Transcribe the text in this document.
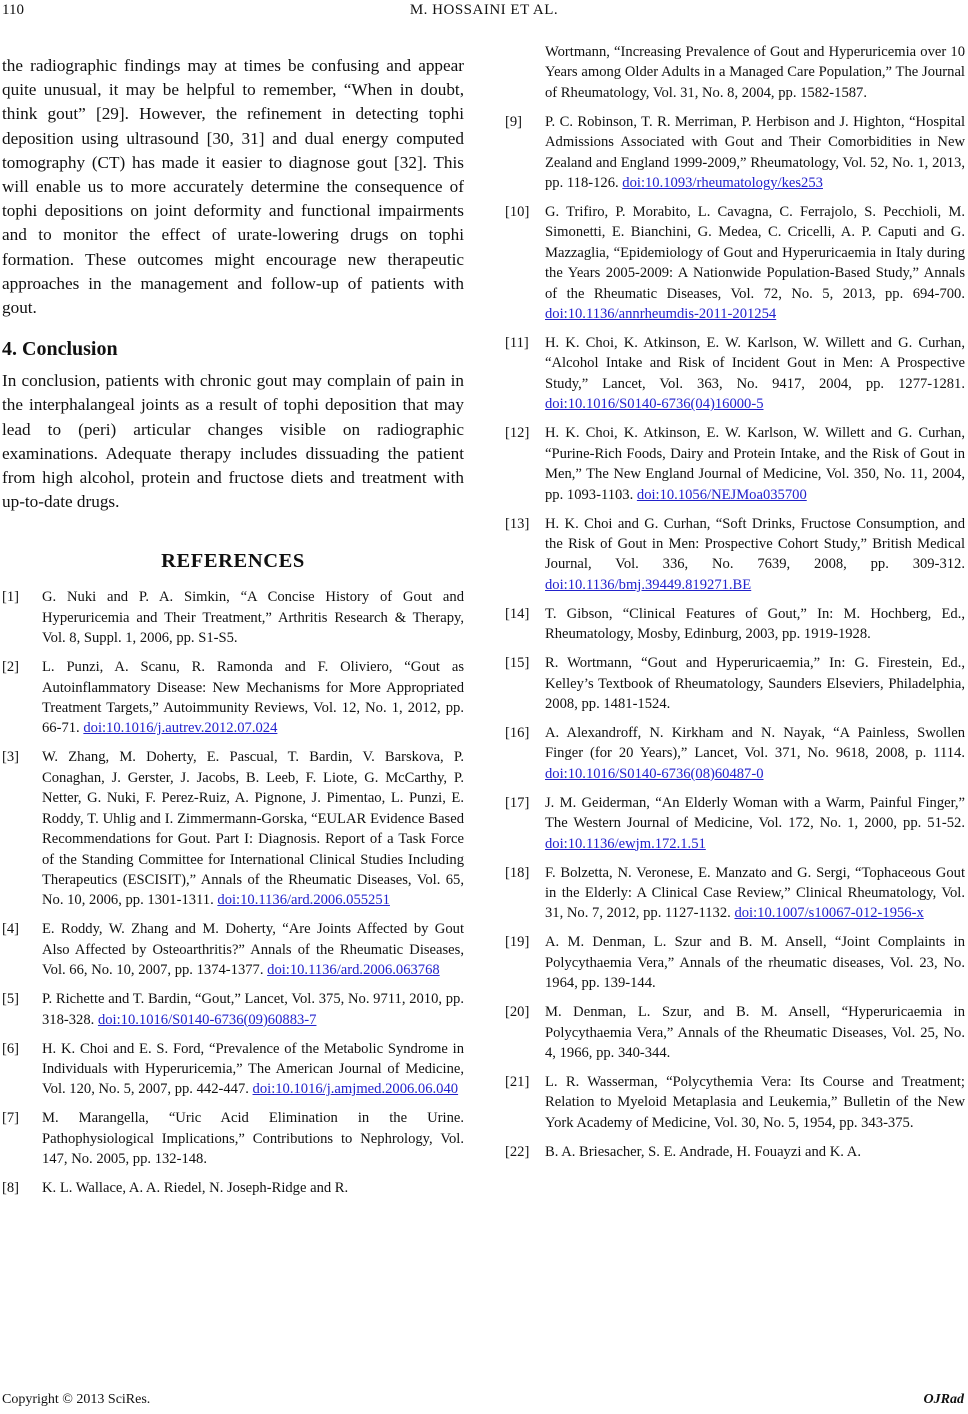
110	M. HOSSAINI ET AL.

the radiographic findings may at times be confusing and appear quite unusual, it may be helpful to remember, “When in doubt, think gout” [29]. However, the refinement in detecting tophi deposition using ultrasound [30, 31] and dual energy computed tomography (CT) has made it easier to diagnose gout [32]. This will enable us to more accurately determine the consequence of tophi depositions on joint deformity and functional impairments and to monitor the effect of urate-lowering drugs on tophi formation. These outcomes might encourage new therapeutic approaches in the management and follow-up of patients with gout.

4. Conclusion

In conclusion, patients with chronic gout may complain of pain in the interphalangeal joints as a result of tophi deposition that may lead to (peri) articular changes visible on radiographic examinations. Adequate therapy includes dissuading the patient from high alcohol, protein and fructose diets and treatment with up-to-date drugs.

REFERENCES
[1]	G. Nuki and P. A. Simkin, “A Concise History of Gout and Hyperuricemia and Their Treatment,” Arthritis Research & Therapy, Vol. 8, Suppl. 1, 2006, pp. S1-S5.
[2]	L. Punzi, A. Scanu, R. Ramonda and F. Oliviero, “Gout as Autoinflammatory Disease: New Mechanisms for More Appropriated Treatment Targets,” Autoimmunity Reviews, Vol. 12, No. 1, 2012, pp. 66-71. doi:10.1016/j.autrev.2012.07.024
[3]	W. Zhang, M. Doherty, E. Pascual, T. Bardin, V. Barskova, P. Conaghan, J. Gerster, J. Jacobs, B. Leeb, F. Liote, G. McCarthy, P. Netter, G. Nuki, F. Perez-Ruiz, A. Pignone, J. Pimentao, L. Punzi, E. Roddy, T. Uhlig and I. Zimmermann-Gorska, “EULAR Evidence Based Recommendations for Gout. Part I: Diagnosis. Report of a Task Force of the Standing Committee for International Clinical Studies Including Therapeutics (ESCISIT),” Annals of the Rheumatic Diseases, Vol. 65, No. 10, 2006, pp. 1301-1311. doi:10.1136/ard.2006.055251
[4]	E. Roddy, W. Zhang and M. Doherty, “Are Joints Affected by Gout Also Affected by Osteoarthritis?” Annals of the Rheumatic Diseases, Vol. 66, No. 10, 2007, pp. 1374-1377. doi:10.1136/ard.2006.063768
[5]	P. Richette and T. Bardin, “Gout,” Lancet, Vol. 375, No. 9711, 2010, pp. 318-328. doi:10.1016/S0140-6736(09)60883-7
[6]	H. K. Choi and E. S. Ford, “Prevalence of the Metabolic Syndrome in Individuals with Hyperuricemia,” The American Journal of Medicine, Vol. 120, No. 5, 2007, pp. 442-447. doi:10.1016/j.amjmed.2006.06.040
[7]	M. Marangella, “Uric Acid Elimination in the Urine. Pathophysiological Implications,” Contributions to Nephrology, Vol. 147, No. 2005, pp. 132-148.
[8]	K. L. Wallace, A. A. Riedel, N. Joseph-Ridge and R.
Wortmann, “Increasing Prevalence of Gout and Hyperuricemia over 10 Years among Older Adults in a Managed Care Population,” The Journal of Rheumatology, Vol. 31, No. 8, 2004, pp. 1582-1587.
[9]	P. C. Robinson, T. R. Merriman, P. Herbison and J. Highton, “Hospital Admissions Associated with Gout and Their Comorbidities in New Zealand and England 1999-2009,” Rheumatology, Vol. 52, No. 1, 2013, pp. 118-126. doi:10.1093/rheumatology/kes253
[10]	G. Trifiro, P. Morabito, L. Cavagna, C. Ferrajolo, S. Pecchioli, M. Simonetti, E. Bianchini, G. Medea, C. Cricelli, A. P. Caputi and G. Mazzaglia, “Epidemiology of Gout and Hyperuricaemia in Italy during the Years 2005-2009: A Nationwide Population-Based Study,” Annals of the Rheumatic Diseases, Vol. 72, No. 5, 2013, pp. 694-700. doi:10.1136/annrheumdis-2011-201254
[11]	H. K. Choi, K. Atkinson, E. W. Karlson, W. Willett and G. Curhan, “Alcohol Intake and Risk of Incident Gout in Men: A Prospective Study,” Lancet, Vol. 363, No. 9417, 2004, pp. 1277-1281. doi:10.1016/S0140-6736(04)16000-5
[12]	H. K. Choi, K. Atkinson, E. W. Karlson, W. Willett and G. Curhan, “Purine-Rich Foods, Dairy and Protein Intake, and the Risk of Gout in Men,” The New England Journal of Medicine, Vol. 350, No. 11, 2004, pp. 1093-1103. doi:10.1056/NEJMoa035700
[13]	H. K. Choi and G. Curhan, “Soft Drinks, Fructose Consumption, and the Risk of Gout in Men: Prospective Cohort Study,” British Medical Journal, Vol. 336, No. 7639, 2008, pp. 309-312. doi:10.1136/bmj.39449.819271.BE
[14]	T. Gibson, “Clinical Features of Gout,” In: M. Hochberg, Ed., Rheumatology, Mosby, Edinburg, 2003, pp. 1919-1928.
[15]	R. Wortmann, “Gout and Hyperuricaemia,” In: G. Firestein, Ed., Kelley’s Textbook of Rheumatology, Saunders Elseviers, Philadelphia, 2008, pp. 1481-1524.
[16]	A. Alexandroff, N. Kirkham and N. Nayak, “A Painless, Swollen Finger (for 20 Years),” Lancet, Vol. 371, No. 9618, 2008, p. 1114. doi:10.1016/S0140-6736(08)60487-0
[17]	J. M. Geiderman, “An Elderly Woman with a Warm, Painful Finger,” The Western Journal of Medicine, Vol. 172, No. 1, 2000, pp. 51-52. doi:10.1136/ewjm.172.1.51
[18]	F. Bolzetta, N. Veronese, E. Manzato and G. Sergi, “Tophaceous Gout in the Elderly: A Clinical Case Review,” Clinical Rheumatology, Vol. 31, No. 7, 2012, pp. 1127-1132. doi:10.1007/s10067-012-1956-x
[19]	A. M. Denman, L. Szur and B. M. Ansell, “Joint Complaints in Polycythaemia Vera,” Annals of the rheumatic diseases, Vol. 23, No. 1964, pp. 139-144.
[20]	M. Denman, L. Szur, and B. M. Ansell, “Hyperuricaemia in Polycythaemia Vera,” Annals of the Rheumatic Diseases, Vol. 25, No. 4, 1966, pp. 340-344.
[21]	L. R. Wasserman, “Polycythemia Vera: Its Course and Treatment; Relation to Myeloid Metaplasia and Leukemia,” Bulletin of the New York Academy of Medicine, Vol. 30, No. 5, 1954, pp. 343-375.
[22]	B. A. Briesacher, S. E. Andrade, H. Fouayzi and K. A.
Copyright © 2013 SciRes.	OJRad
